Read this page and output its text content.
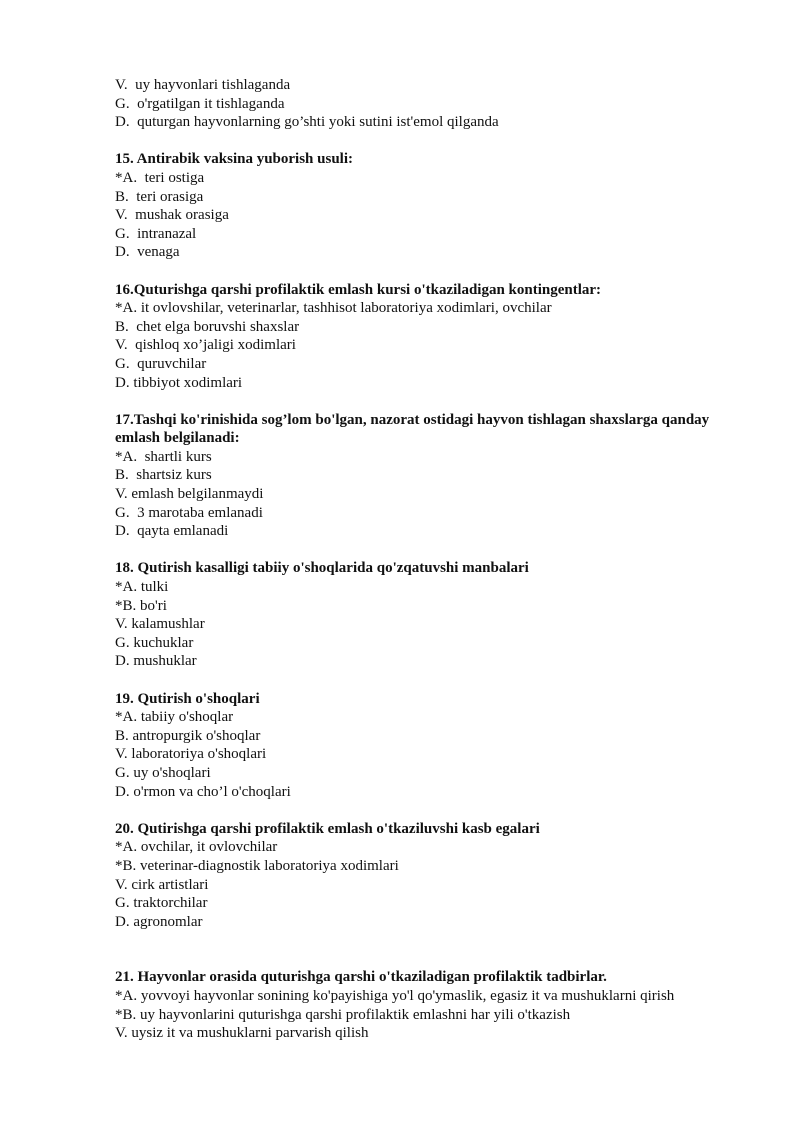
V.  uy hayvonlari tishlaganda
G.  o'rgatilgan it tishlaganda
D.  quturgan hayvonlarning go’shti yoki sutini ist'emol qilganda
15. Antirabik vaksina yuborish usuli:
*A.  teri ostiga
B.  teri orasiga
V.  mushak orasiga
G.  intranazal
D.  venaga
16.Quturishga qarshi profilaktik emlash kursi o'tkaziladigan kontingentlar:
*A. it ovlovshilar, veterinarlar, tashhisot laboratoriya xodimlari, ovchilar
B.  chet elga boruvshi shaxslar
V.  qishloq xo’jaligi xodimlari
G.  quruvchilar
D. tibbiyot xodimlari
17.Tashqi ko'rinishida sog’lom bo'lgan, nazorat ostidagi hayvon tishlagan shaxslarga qanday emlash belgilanadi:
*A.  shartli kurs
B.  shartsiz kurs
V. emlash belgilanmaydi
G.  3 marotaba emlanadi
D.  qayta emlanadi
18. Qutirish kasalligi tabiiy o'shoqlarida qo'zqatuvshi manbalari
*A. tulki
*B. bo'ri
V. kalamushlar
G. kuchuklar
D. mushuklar
19. Qutirish o'shoqlari
*A. tabiiy o'shoqlar
B. antropurgik o'shoqlar
V. laboratoriya o'shoqlari
G. uy o'shoqlari
D. o'rmon va cho’l o'choqlari
20. Qutirishga qarshi profilaktik emlash o'tkaziluvshi kasb egalari
*A. ovchilar, it ovlovchilar
*B. veterinar-diagnostik laboratoriya xodimlari
V. cirk artistlari
G. traktorchilar
D. agronomlar
21. Hayvonlar orasida quturishga qarshi o'tkaziladigan profilaktik tadbirlar.
*A. yovvoyi hayvonlar sonining ko'payishiga yo'l qo'ymaslik, egasiz it va mushuklarni qirish
*B. uy hayvonlarini quturishga qarshi profilaktik emlashni har yili o'tkazish
V. uysiz it va mushuklarni parvarish qilish
